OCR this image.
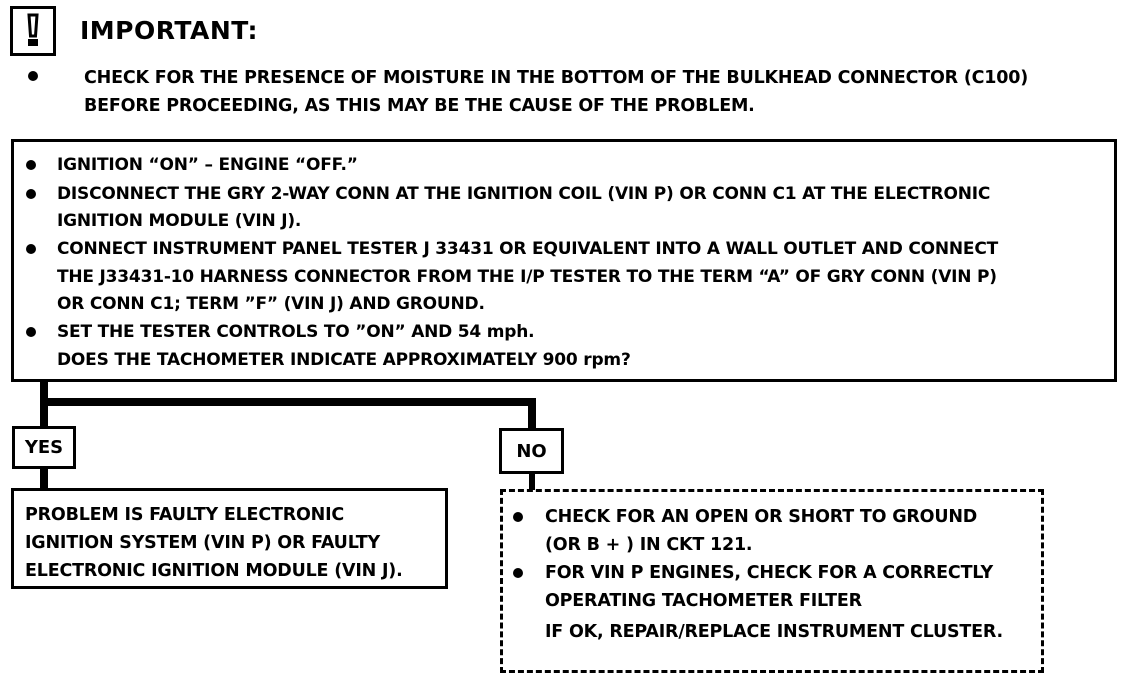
IMPORTANT:
CHECK FOR THE PRESENCE OF MOISTURE IN THE BOTTOM OF THE BULKHEAD CONNECTOR (C100)
BEFORE PROCEEDING, AS THIS MAY BE THE CAUSE OF THE PROBLEM.
IGNITION “ON” – ENGINE “OFF.”
DISCONNECT THE GRY 2-WAY CONN AT THE IGNITION COIL (VIN P) OR CONN C1 AT THE ELECTRONIC
IGNITION MODULE (VIN J).
CONNECT INSTRUMENT PANEL TESTER J 33431 OR EQUIVALENT INTO A WALL OUTLET AND CONNECT
THE J33431-10 HARNESS CONNECTOR FROM THE I/P TESTER TO THE TERM “A” OF GRY CONN (VIN P)
OR CONN C1; TERM ”F” (VIN J) AND GROUND.
SET THE TESTER CONTROLS TO ”ON” AND 54 mph.
DOES THE TACHOMETER INDICATE APPROXIMATELY 900 rpm?
YES
PROBLEM IS FAULTY ELECTRONIC
IGNITION SYSTEM (VIN P) OR FAULTY
ELECTRONIC IGNITION MODULE (VIN J).
NO
CHECK FOR AN OPEN OR SHORT TO GROUND
(OR B + ) IN CKT 121.
FOR VIN P ENGINES, CHECK FOR A CORRECTLY
OPERATING TACHOMETER FILTER
IF OK, REPAIR/REPLACE INSTRUMENT CLUSTER.
